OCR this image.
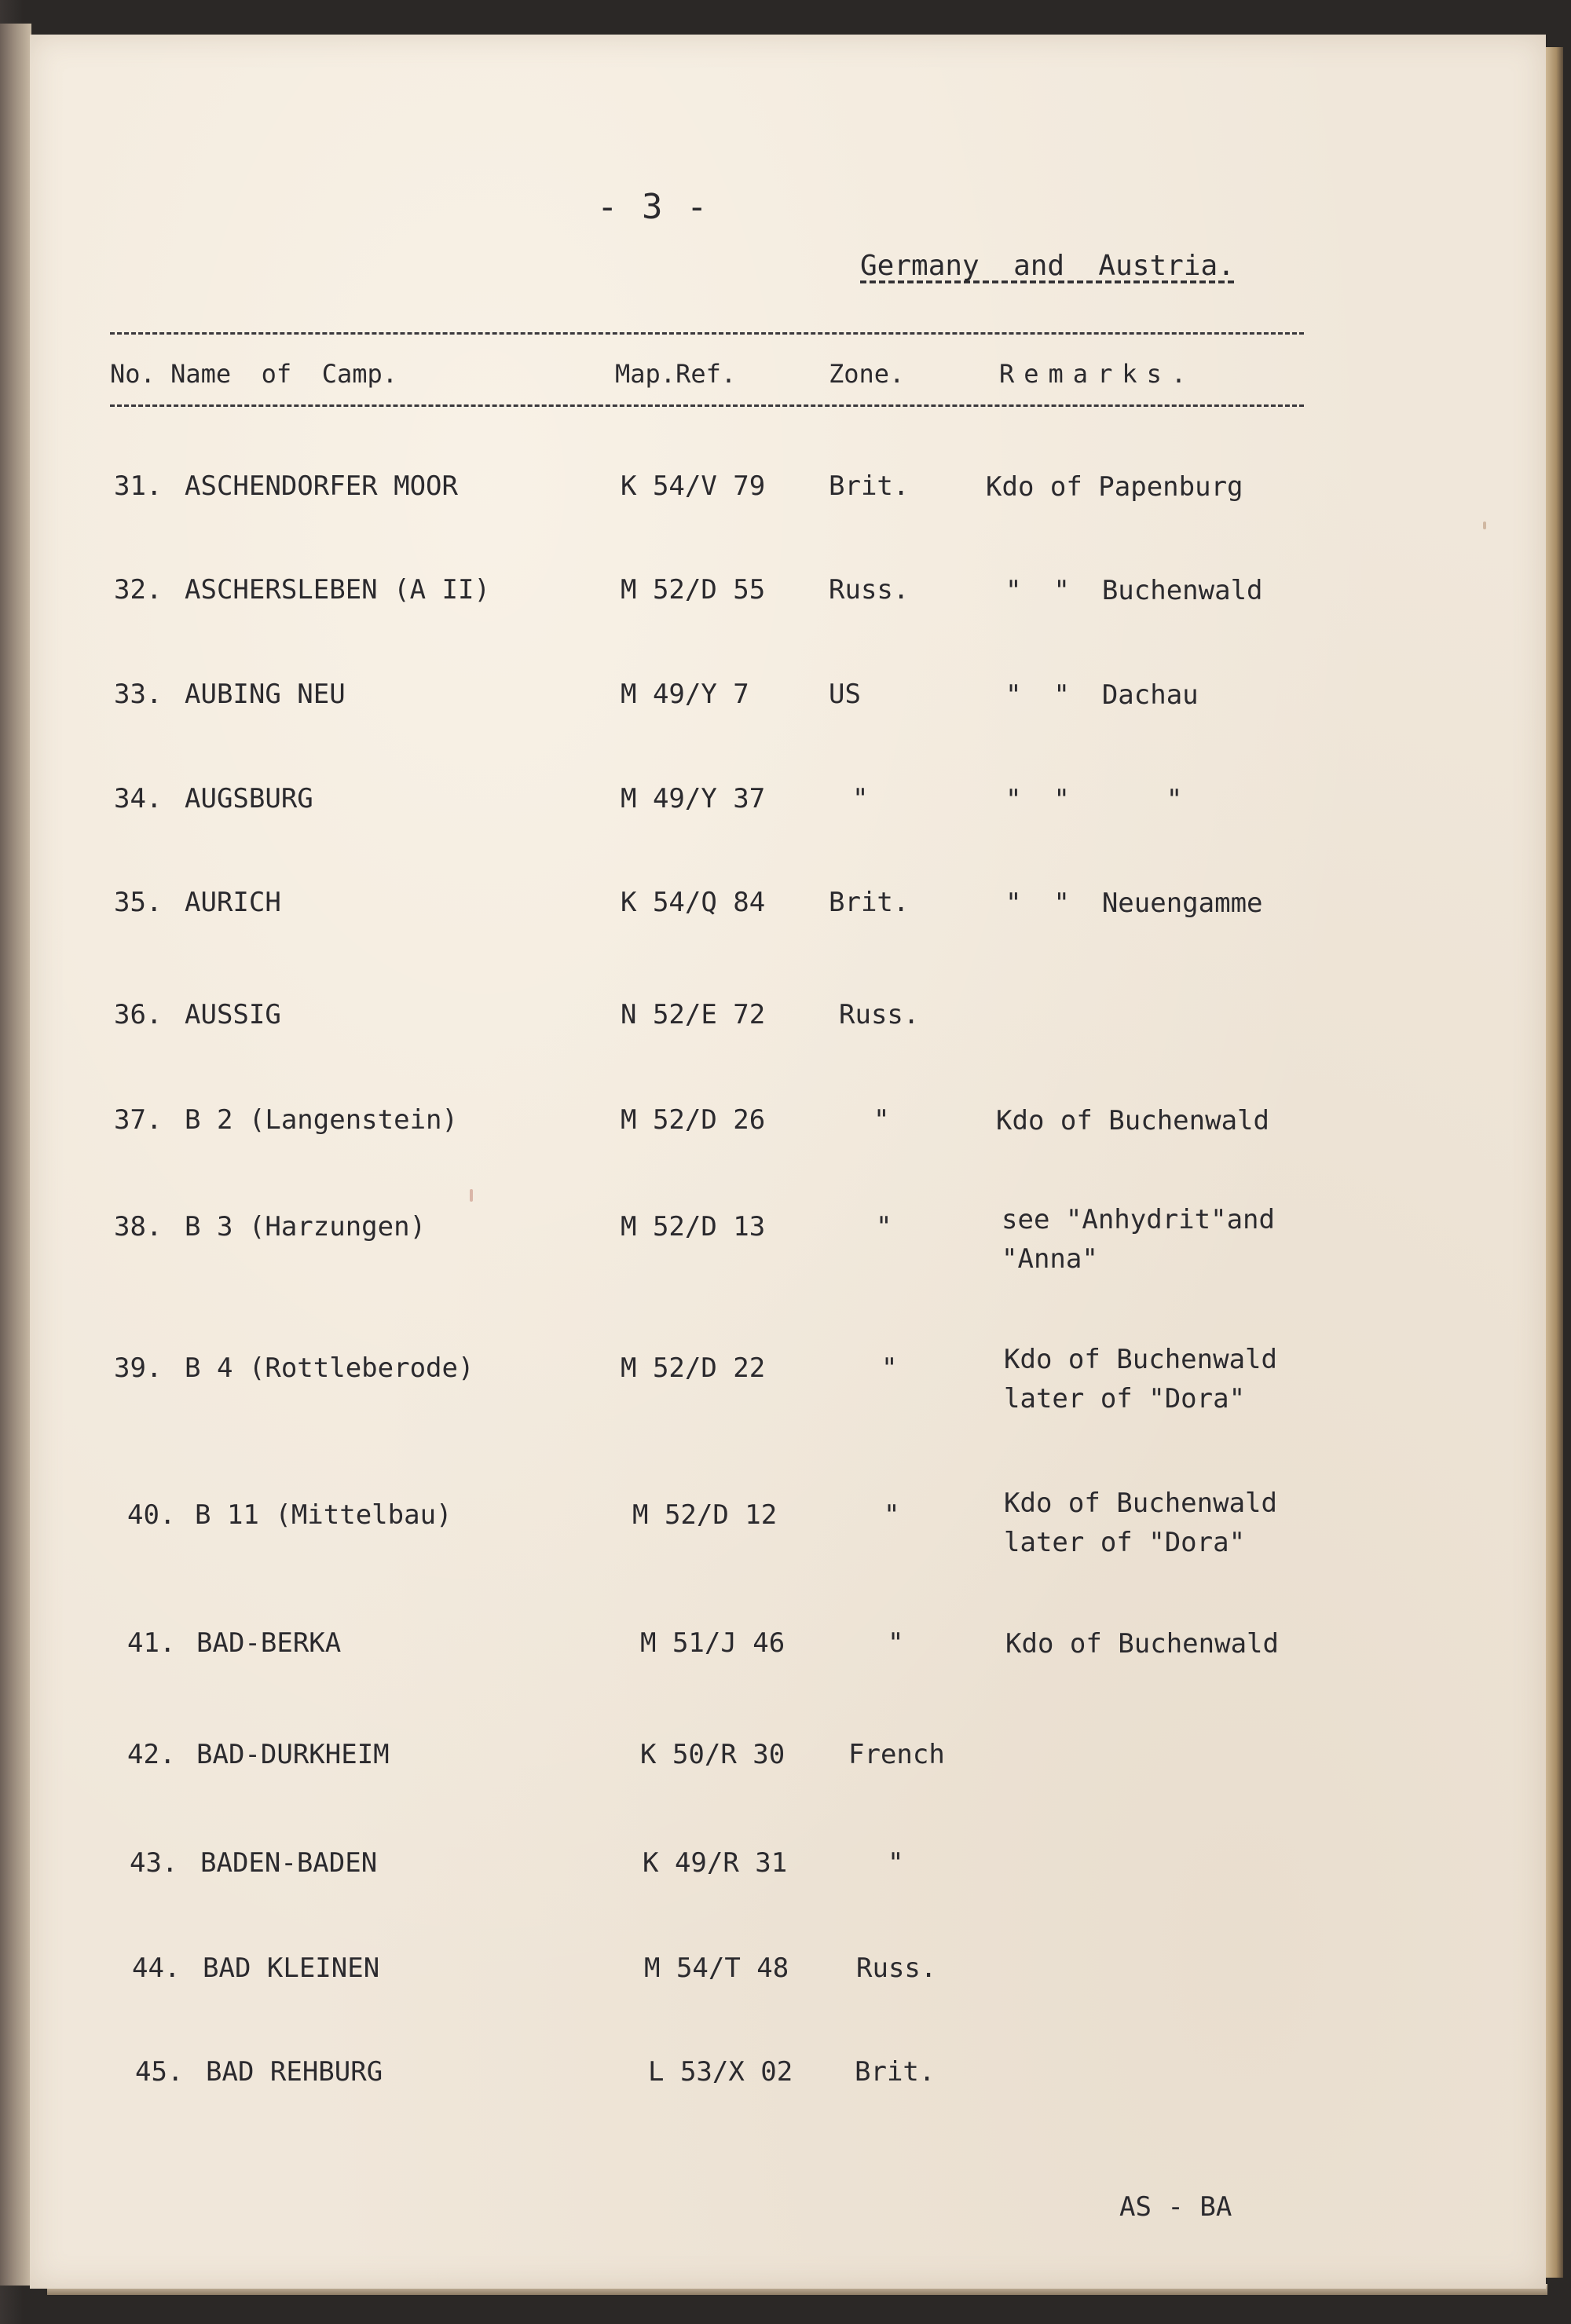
- 3 -
Germany  and  Austria.
No. Name  of  Camp.	Map.Ref.	Zone.	Remarks.
31. ASCHENDORFER MOOR	K 54/V 79 Brit.	Kdo of Papenburg
32. ASCHERSLEBEN (A II)	M 52/D 55 Russ.	"  "  Buchenwald
33. AUBING NEU	M 49/Y 7	US	"  "  Dachau
34. AUGSBURG	M 49/Y 37	"	"  "      "
35. AURICH	K 54/Q 84 Brit.	"  "  Neuengamme
36. AUSSIG	N 52/E 72	Russ.
37. B 2 (Langenstein)	M 52/D 26	"	Kdo of Buchenwald
38. B 3 (Harzungen)	M 52/D 13	"	see "Anhydrit"and
"Anna"
39. B 4 (Rottleberode)	M 52/D 22	"	Kdo of Buchenwald
later of "Dora"
40. B 11 (Mittelbau)	M 52/D 12	"	Kdo of Buchenwald
later of "Dora"
41. BAD-BERKA	M 51/J 46	"	Kdo of Buchenwald
42. BAD-DURKHEIM	K 50/R 30 French
43. BADEN-BADEN	K 49/R 31	"
44. BAD KLEINEN	M 54/T 48	Russ.
45. BAD REHBURG	L 53/X 02 Brit.
AS - BA
